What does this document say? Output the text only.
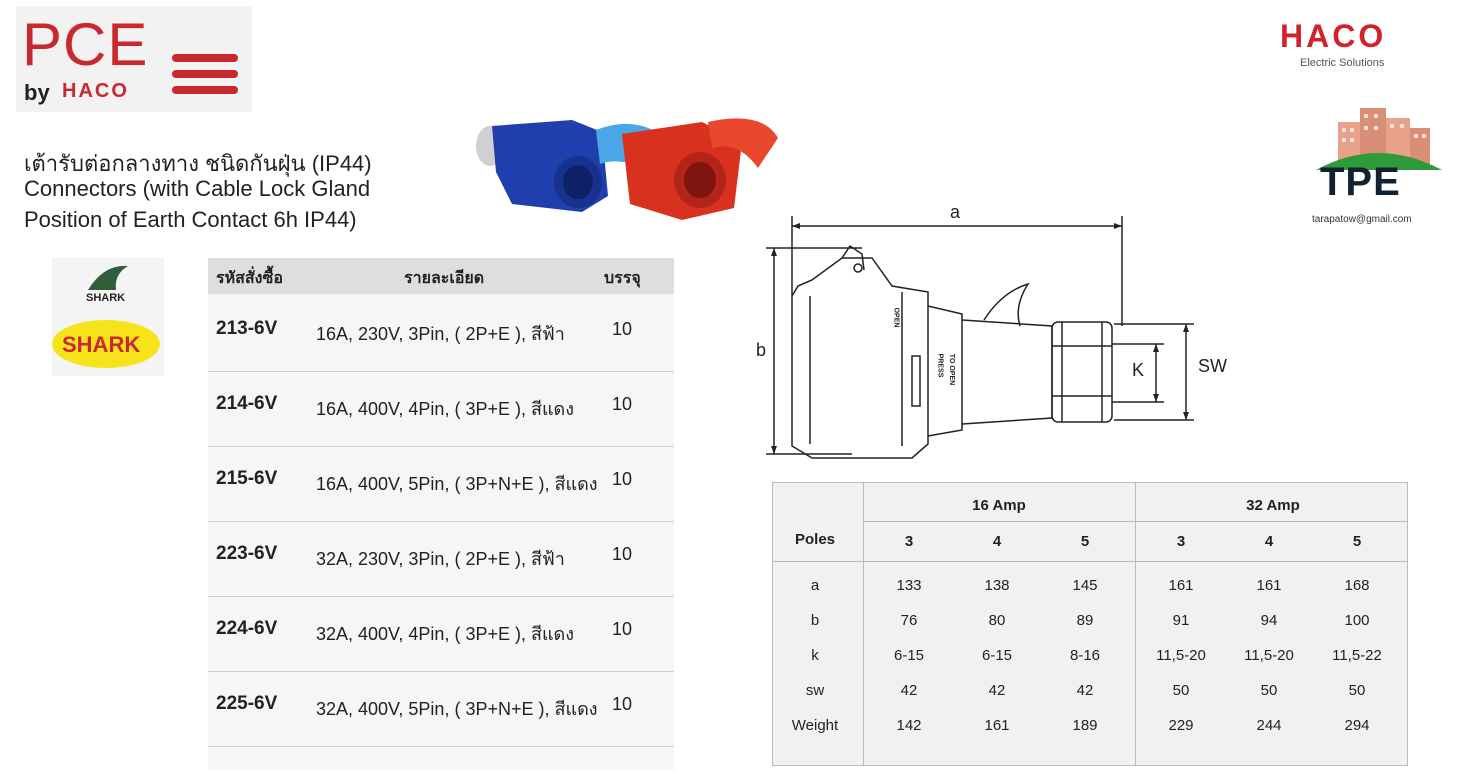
PCE
by HACO
HACO
Electric Solutions
TPE
tarapatow@gmail.com
เต้ารับต่อกลางทาง ชนิดกันฝุ่น (IP44)
Connectors (with Cable Lock Gland
Position of Earth Contact 6h IP44)
SHARK
SHARK
รหัสสั่งซื้อ	รายละเอียด	บรรจุ
213-6V 16A, 230V, 3Pin, ( 2P+E ), สีฟ้า	10
214-6V 16A, 400V, 4Pin, ( 3P+E ), สีแดง 10
215-6V 16A, 400V, 5Pin, ( 3P+N+E ), สีแดง 10
223-6V 32A, 230V, 3Pin, ( 2P+E ), สีฟ้า	10
224-6V 32A, 400V, 4Pin, ( 3P+E ), สีแดง 10
225-6V 32A, 400V, 5Pin, ( 3P+N+E ), สีแดง 10
a
b
K	SW
OPEN
PRESS TO OPEN
16 Amp	32 Amp
Poles	3	4	5	3	4	5
a	133	138	145	161	161	168
b	76	80	89	91	94	100
k	6-15	6-15	8-16	11,5-20	11,5-20	11,5-22
sw	42	42	42	50	50	50
Weight	142	161	189	229	244	294
